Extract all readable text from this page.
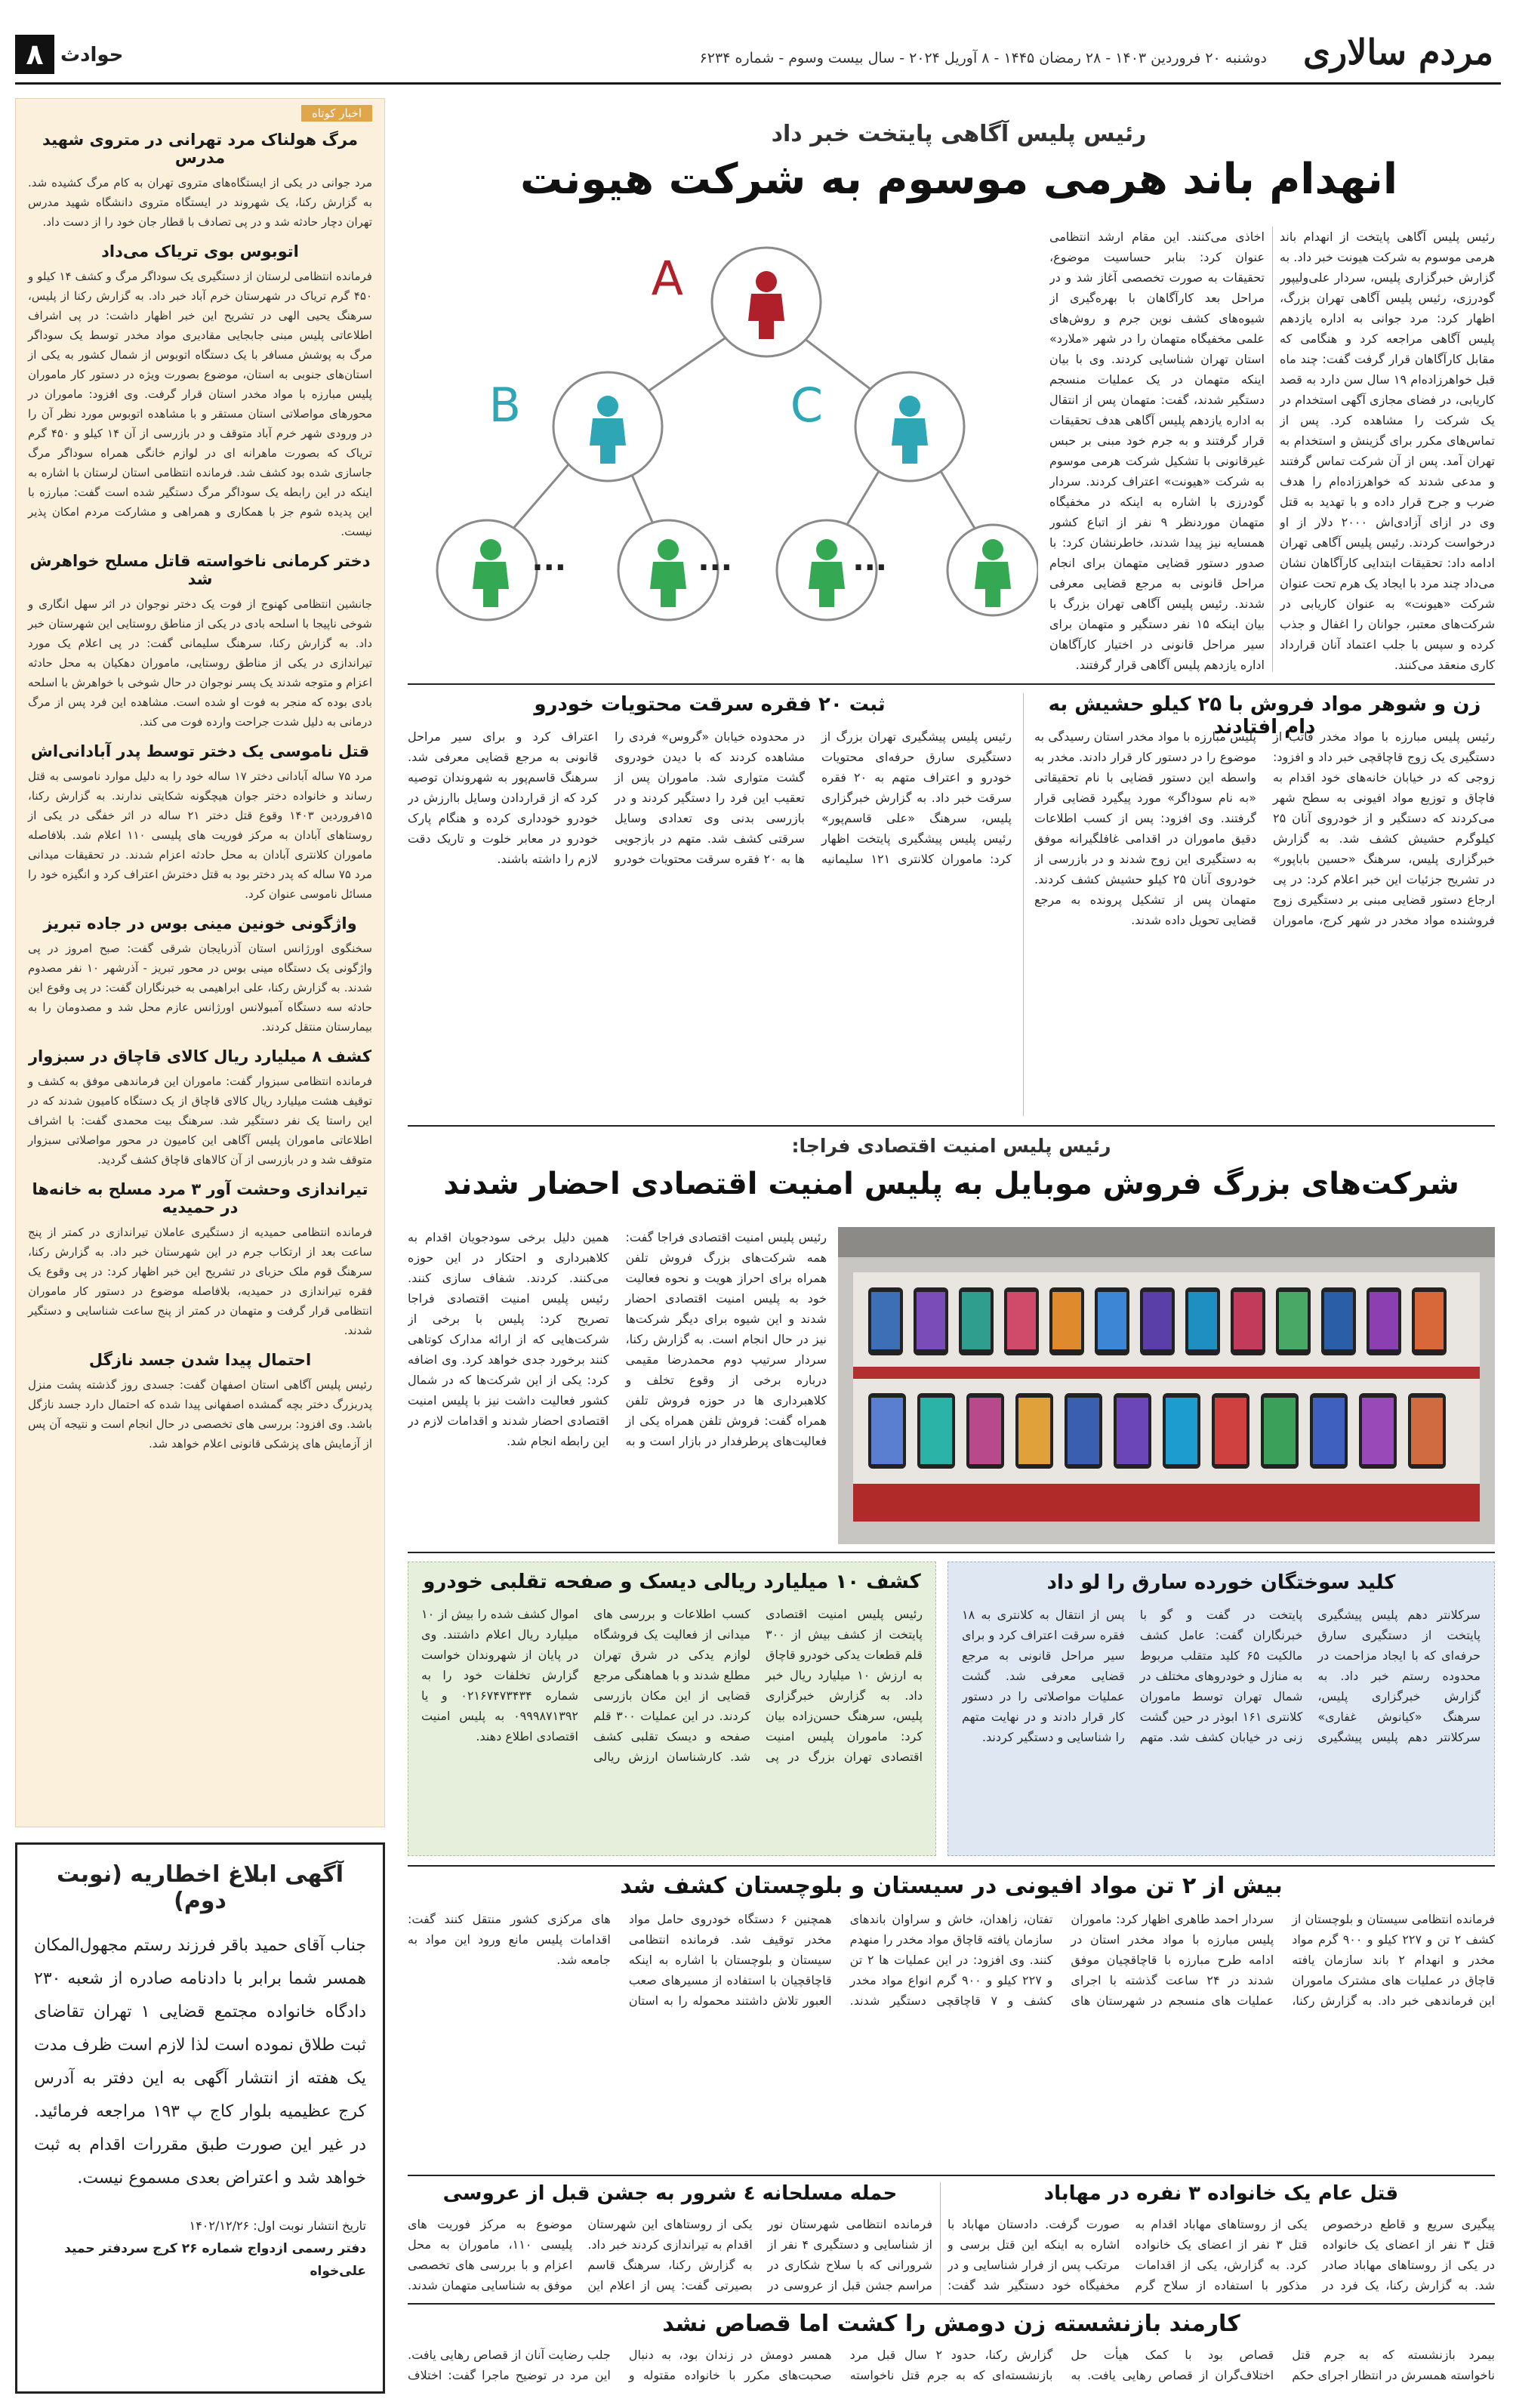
مردم سالاری
دوشنبه ۲۰ فروردین ۱۴۰۳ - ۲۸ رمضان ۱۴۴۵ - ۸ آوریل ۲۰۲۴ - سال بیست وسوم - شماره ۶۲۳۴
حوادث
۸
اخبار کوتاه
مرگ هولناک مرد تهرانی در متروی شهید مدرس

مرد جوانی در یکی از ایستگاه‌های متروی تهران به کام مرگ کشیده شد. به گزارش رکنا، یک شهروند در ایستگاه متروی دانشگاه شهید مدرس تهران دچار حادثه شد و در پی تصادف با قطار جان خود را از دست داد.

اتوبوس بوی تریاک می‌داد

فرمانده انتظامی لرستان از دستگیری یک سوداگر مرگ و کشف ۱۴ کیلو و ۴۵۰ گرم تریاک در شهرستان خرم آباد خبر داد. به گزارش رکنا از پلیس، سرهنگ یحیی الهی در تشریح این خبر اظهار داشت: در پی اشراف اطلاعاتی پلیس مبنی جابجایی مقادیری مواد مخدر توسط یک سوداگر مرگ به پوشش مسافر با یک دستگاه اتوبوس از شمال کشور به یکی از استان‌های جنوبی به استان، موضوع بصورت ویژه در دستور کار ماموران پلیس مبارزه با مواد مخدر استان قرار گرفت. وی افزود: ماموران در محورهای مواصلاتی استان مستقر و با مشاهده اتوبوس مورد نظر آن را در ورودی شهر خرم آباد متوقف و در بازرسی از آن ۱۴ کیلو و ۴۵۰ گرم تریاک که بصورت ماهرانه ای در لوازم خانگی همراه سوداگر مرگ جاسازی شده بود کشف شد. فرمانده انتظامی استان لرستان با اشاره به اینکه در این رابطه یک سوداگر مرگ دستگیر شده است گفت: مبارزه با این پدیده شوم جز با همکاری و همراهی و مشارکت مردم امکان پذیر نیست.

دختر کرمانی ناخواسته قاتل مسلح خواهرش شد

جانشین انتظامی کهنوج از فوت یک دختر نوجوان در اثر سهل انگاری و شوخی ناپیجا با اسلحه بادی در یکی از مناطق روستایی این شهرستان خبر داد. به گزارش رکنا، سرهنگ سلیمانی گفت: در پی اعلام یک مورد تیراندازی در یکی از مناطق روستایی، ماموران دهکیان به محل حادثه اعزام و متوجه شدند یک پسر نوجوان در حال شوخی با خواهرش با اسلحه بادی بوده که منجر به فوت او شده است. مشاهده این فرد پس از مرگ درمانی به دلیل شدت جراحت وارده فوت می کند.

قتل ناموسی یک دختر توسط پدر آبادانی‌اش

مرد ۷۵ ساله آبادانی دختر ۱۷ ساله خود را به دلیل موارد ناموسی به قتل رساند و خانواده دختر جوان هیچگونه شکایتی ندارند. به گزارش رکنا، ۱۵فروردین ۱۴۰۳ وقوع قتل دختر ۲۱ ساله در اثر خفگی در یکی از روستاهای آبادان به مرکز فوریت های پلیسی ۱۱۰ اعلام شد. بلافاصله ماموران کلانتری آبادان به محل حادثه اعزام شدند. در تحقیقات میدانی مرد ۷۵ ساله که پدر دختر بود به قتل دخترش اعتراف کرد و انگیزه خود را مسائل ناموسی عنوان کرد.

واژگونی خونین مینی بوس در جاده تبریز

سخنگوی اورژانس استان آذربایجان شرقی گفت: صبح امروز در پی واژگونی یک دستگاه مینی بوس در محور تبریز - آذرشهر ۱۰ نفر مصدوم شدند. به گزارش رکنا، علی ابراهیمی به خبرنگاران گفت: در پی وقوع این حادثه سه دستگاه آمبولانس اورژانس عازم محل شد و مصدومان را به بیمارستان منتقل کردند.

کشف ۸ میلیارد ریال کالای قاچاق در سبزوار

فرمانده انتظامی سبزوار گفت: ماموران این فرماندهی موفق به کشف و توقیف هشت میلیارد ریال کالای قاچاق از یک دستگاه کامیون شدند که در این راستا یک نفر دستگیر شد. سرهنگ بیت محمدی گفت: با اشراف اطلاعاتی ماموران پلیس آگاهی این کامیون در محور مواصلاتی سبزوار متوقف شد و در بازرسی از آن کالاهای قاچاق کشف گردید.

تیراندازی وحشت آور ۳ مرد مسلح به خانه‌ها در حمیدیه

فرمانده انتظامی حمیدیه از دستگیری عاملان تیراندازی در کمتر از پنج ساعت بعد از ارتکاب جرم در این شهرستان خبر داد. به گزارش رکنا، سرهنگ قوم ملک حزبای در تشریح این خبر اظهار کرد: در پی وقوع یک فقره تیراندازی در حمیدیه، بلافاصله موضوع در دستور کار ماموران انتظامی قرار گرفت و متهمان در کمتر از پنج ساعت شناسایی و دستگیر شدند.

احتمال پیدا شدن جسد نازگل

رئیس پلیس آگاهی استان اصفهان گفت: جسدی روز گذشته پشت منزل پدربزرگ دختر بچه گمشده اصفهانی پیدا شده که احتمال دارد جسد نازگل باشد. وی افزود: بررسی های تخصصی در حال انجام است و نتیجه آن پس از آزمایش های پزشکی قانونی اعلام خواهد شد.

آگهی ابلاغ اخطاریه (نوبت دوم)
جناب آقای حمید باقر فرزند رستم مجهول‌المکان همسر شما برابر با دادنامه صادره از شعبه ۲۳۰ دادگاه خانواده مجتمع قضایی ۱ تهران تقاضای ثبت طلاق نموده است لذا لازم است ظرف مدت یک هفته از انتشار آگهی به این دفتر به آدرس کرج عظیمیه بلوار کاج پ ۱۹۳ مراجعه فرمائید. در غیر این صورت طبق مقررات اقدام به ثبت خواهد شد و اعتراض بعدی مسموع نیست.
تاریخ انتشار نوبت اول: ۱۴۰۲/۱۲/۲۶
دفتر رسمی ازدواج شماره ۲۶ کرج سردفتر حمید علی‌خواه
رئیس پلیس آگاهی پایتخت خبر داد
انهدام باند هرمی موسوم به شرکت هیونت
رئیس پلیس آگاهی پایتخت از انهدام باند هرمی موسوم به شرکت هیونت خبر داد. به گزارش خبرگزاری پلیس، سردار علی‌ولیپور گودرزی، رئیس پلیس آگاهی تهران بزرگ، اظهار کرد: مرد جوانی به اداره یازدهم پلیس آگاهی مراجعه کرد و هنگامی که مقابل کارآگاهان قرار گرفت گفت: چند ماه قبل خواهرزاده‌ام ۱۹ سال سن دارد به قصد کاریابی، در فضای مجازی آگهی استخدام در یک شرکت را مشاهده کرد. پس از تماس‌های مکرر برای گزینش و استخدام به تهران آمد. پس از آن شرکت تماس گرفتند و مدعی شدند که خواهرزاده‌ام را هدف ضرب و جرح قرار داده و با تهدید به قتل وی در ازای آزادی‌اش ۲۰۰۰ دلار از او درخواست کردند. رئیس پلیس آگاهی تهران ادامه داد: تحقیقات ابتدایی کارآگاهان نشان می‌داد چند مرد با ایجاد یک هرم تحت عنوان شرکت «هیونت» به عنوان کاریابی در شرکت‌های معتبر، جوانان را اغفال و جذب کرده و سپس با جلب اعتماد آنان قرارداد کاری منعقد می‌کنند.
اخاذی می‌کنند. این مقام ارشد انتظامی عنوان کرد: بنابر حساسیت موضوع، تحقیقات به صورت تخصصی آغاز شد و در مراحل بعد کارآگاهان با بهره‌گیری از شیوه‌های کشف نوین جرم و روش‌های علمی مخفیگاه متهمان را در شهر «ملارد» استان تهران شناسایی کردند. وی با بیان اینکه متهمان در یک عملیات منسجم دستگیر شدند، گفت: متهمان پس از انتقال به اداره یازدهم پلیس آگاهی هدف تحقیقات قرار گرفتند و به جرم خود مبنی بر حبس غیرقانونی با تشکیل شرکت هرمی موسوم به شرکت «هیونت» اعتراف کردند. سردار گودرزی با اشاره به اینکه در مخفیگاه متهمان موردنظر ۹ نفر از اتباع کشور همسایه نیز پیدا شدند، خاطرنشان کرد: با صدور دستور قضایی متهمان برای انجام مراحل قانونی به مرجع قضایی معرفی شدند. رئیس پلیس آگاهی تهران بزرگ با بیان اینکه ۱۵ نفر دستگیر و متهمان برای سیر مراحل قانونی در اختیار کارآگاهان اداره یازدهم پلیس آگاهی قرار گرفتند.
A
B	C
...	...	...
زن و شوهر مواد فروش با ۲۵ کیلو حشیش به دام افتادند
رئیس پلیس مبارزه با مواد مخدر فاتب از دستگیری یک زوج قاچاقچی خبر داد و افزود: زوجی که در خیابان خانه‌های خود اقدام به فاچاق و توزیع مواد افیونی به سطح شهر می‌کردند که دستگیر و از خودروی آنان ۲۵ کیلوگرم حشیش کشف شد. به گزارش خبرگزاری پلیس، سرهنگ «حسین باباپور» در تشریح جزئیات این خبر اعلام کرد: در پی ارجاع دستور قضایی مبنی بر دستگیری زوج فروشنده مواد مخدر در شهر کرج، ماموران پلیس مبارزه با مواد مخدر استان رسیدگی به موضوع را در دستور کار قرار دادند. مخدر به واسطه این دستور قضایی با نام تحقیقاتی «به نام سوداگر» مورد پیگیرد قضایی قرار گرفتند. وی افزود: پس از کسب اطلاعات دقیق ماموران در اقدامی غافلگیرانه موفق به دستگیری این زوج شدند و در بازرسی از خودروی آنان ۲۵ کیلو حشیش کشف کردند. متهمان پس از تشکیل پرونده به مرجع قضایی تحویل داده شدند.
ثبت ۲۰ فقره سرقت محتویات خودرو
رئیس پلیس پیشگیری تهران بزرگ از دستگیری سارق حرفه‌ای محتویات خودرو و اعتراف متهم به ۲۰ فقره سرقت خبر داد. به گزارش خبرگزاری پلیس، سرهنگ «علی قاسم‌پور» رئیس پلیس پیشگیری پایتخت اظهار کرد: ماموران کلانتری ۱۲۱ سلیمانیه در محدوده خیابان «گروس» فردی را مشاهده کردند که با دیدن خودروی گشت متواری شد. ماموران پس از تعقیب این فرد را دستگیر کردند و در بازرسی بدنی وی تعدادی وسایل سرقتی کشف شد. متهم در بازجویی ها به ۲۰ فقره سرقت محتویات خودرو اعتراف کرد و برای سیر مراحل قانونی به مرجع قضایی معرفی شد. سرهنگ قاسم‌پور به شهروندان توصیه کرد که از قراردادن وسایل باارزش در خودرو خودداری کرده و هنگام پارک خودرو در معابر خلوت و تاریک دقت لازم را داشته باشند.
رئیس پلیس امنیت اقتصادی فراجا:
شرکت‌های بزرگ فروش موبایل به پلیس امنیت اقتصادی احضار شدند
رئیس پلیس امنیت اقتصادی فراجا گفت: همه شرکت‌های بزرگ فروش تلفن همراه برای احراز هویت و نحوه فعالیت خود به پلیس امنیت اقتصادی احضار شدند و این شیوه برای دیگر شرکت‌ها نیز در حال انجام است. به گزارش رکنا، سردار سرتیپ دوم محمدرضا مقیمی درباره برخی از وقوع تخلف و کلاهبرداری ها در حوزه فروش تلفن همراه گفت: فروش تلفن همراه یکی از فعالیت‌های پرطرفدار در بازار است و به همین دلیل برخی سودجویان اقدام به کلاهبرداری و احتکار در این حوزه می‌کنند. کردند. شفاف سازی کنند. رئیس پلیس امنیت اقتصادی فراجا تصریح کرد: پلیس با برخی از شرکت‌هایی که از ارائه مدارک کوتاهی کنند برخورد جدی خواهد کرد. وی اضافه کرد: یکی از این شرکت‌ها که در شمال کشور فعالیت داشت نیز با پلیس امنیت اقتصادی احضار شدند و اقدامات لازم در این رابطه انجام شد.
کلید سوختگان خورده سارق را لو داد
سرکلانتر دهم پلیس پیشگیری پایتخت از دستگیری سارق حرفه‌ای که با ایجاد مزاحمت در محدوده رستم خبر داد. به گزارش خبرگزاری پلیس، سرهنگ «کیانوش غفاری» سرکلانتر دهم پلیس پیشگیری پایتخت در گفت و گو با خبرنگاران گفت: عامل کشف مالکیت ۶۵ کلید متقلب مربوط به منازل و خودروهای مختلف در شمال تهران توسط ماموران کلانتری ۱۶۱ ابوذر در حین گشت زنی در خیابان کشف شد. متهم پس از انتقال به کلانتری به ۱۸ فقره سرقت اعتراف کرد و برای سیر مراحل قانونی به مرجع قضایی معرفی شد. گشت عملیات مواصلاتی را در دستور کار قرار دادند و در نهایت متهم را شناسایی و دستگیر کردند.
کشف ۱۰ میلیارد ریالی دیسک و صفحه تقلبی خودرو
رئیس پلیس امنیت اقتصادی پایتخت از کشف بیش از ۳۰۰ قلم قطعات یدکی خودرو قاچاق به ارزش ۱۰ میلیارد ریال خبر داد. به گزارش خبرگزاری پلیس، سرهنگ حسن‌زاده بیان کرد: ماموران پلیس امنیت اقتصادی تهران بزرگ در پی کسب اطلاعات و بررسی های میدانی از فعالیت یک فروشگاه لوازم یدکی در شرق تهران مطلع شدند و با هماهنگی مرجع قضایی از این مکان بازرسی کردند. در این عملیات ۳۰۰ قلم صفحه و دیسک تقلبی کشف شد. کارشناسان ارزش ریالی اموال کشف شده را بیش از ۱۰ میلیارد ریال اعلام داشتند. وی در پایان از شهروندان خواست گزارش تخلفات خود را به شماره ۰۲۱۶۷۴۷۳۴۳۴ و یا ۰۹۹۹۸۷۱۳۹۲ به پلیس امنیت اقتصادی اطلاع دهند.
بیش از ۲ تن مواد افیونی در سیستان و بلوچستان کشف شد
فرمانده انتظامی سیستان و بلوچستان از کشف ۲ تن و ۲۲۷ کیلو و ۹۰۰ گرم مواد مخدر و انهدام ۲ باند سازمان یافته قاچاق در عملیات های مشترک ماموران این فرماندهی خبر داد. به گزارش رکنا، سردار احمد طاهری اظهار کرد: ماموران پلیس مبارزه با مواد مخدر استان در ادامه طرح مبارزه با قاچاقچیان موفق شدند در ۲۴ ساعت گذشته با اجرای عملیات های منسجم در شهرستان های تفتان، زاهدان، خاش و سراوان باندهای سازمان یافته قاچاق مواد مخدر را منهدم کنند. وی افزود: در این عملیات ها ۲ تن و ۲۲۷ کیلو و ۹۰۰ گرم انواع مواد مخدر کشف و ۷ قاچاقچی دستگیر شدند. همچنین ۶ دستگاه خودروی حامل مواد مخدر توقیف شد. فرمانده انتظامی سیستان و بلوچستان با اشاره به اینکه قاچاقچیان با استفاده از مسیرهای صعب العبور تلاش داشتند محموله را به استان های مرکزی کشور منتقل کنند گفت: اقدامات پلیس مانع ورود این مواد به جامعه شد.
قتل عام یک خانواده ۳ نفره در مهاباد
پیگیری سریع و قاطع درخصوص قتل ۳ نفر از اعضای یک خانواده در یکی از روستاهای مهاباد صادر شد. به گزارش رکنا، یک فرد در یکی از روستاهای مهاباد اقدام به قتل ۳ نفر از اعضای یک خانواده کرد. به گزارش، یکی از اقدامات مذکور با استفاده از سلاح گرم صورت گرفت. دادستان مهاباد با اشاره به اینکه این قتل برسی و مرتکب پس از فرار شناسایی و در مخفیگاه خود دستگیر شد گفت:
حمله مسلحانه ٤ شرور به جشن قبل از عروسی
فرمانده انتظامی شهرستان نور از شناسایی و دستگیری ۴ نفر از شرورانی که با سلاح شکاری در مراسم جشن قبل از عروسی در یکی از روستاهای این شهرستان اقدام به تیراندازی کردند خبر داد. به گزارش رکنا، سرهنگ قاسم بصیرتی گفت: پس از اعلام این موضوع به مرکز فوریت های پلیسی ۱۱۰، ماموران به محل اعزام و با بررسی های تخصصی موفق به شناسایی متهمان شدند.
کارمند بازنشسته زن دومش را کشت اما قصاص نشد
بیمرد بازنشسته که به جرم قتل ناخواسته همسرش در انتظار اجرای حکم قصاص بود با کمک هیأت حل اختلاف‌گران از قصاص رهایی یافت. به گزارش رکنا، حدود ۲ سال قبل مرد بازنشسته‌ای که به جرم قتل ناخواسته همسر دومش در زندان بود، به دنبال صحبت‌های مکرر با خانواده مقتوله و جلب رضایت آنان از قصاص رهایی یافت. این مرد در توضیح ماجرا گفت: اختلاف
